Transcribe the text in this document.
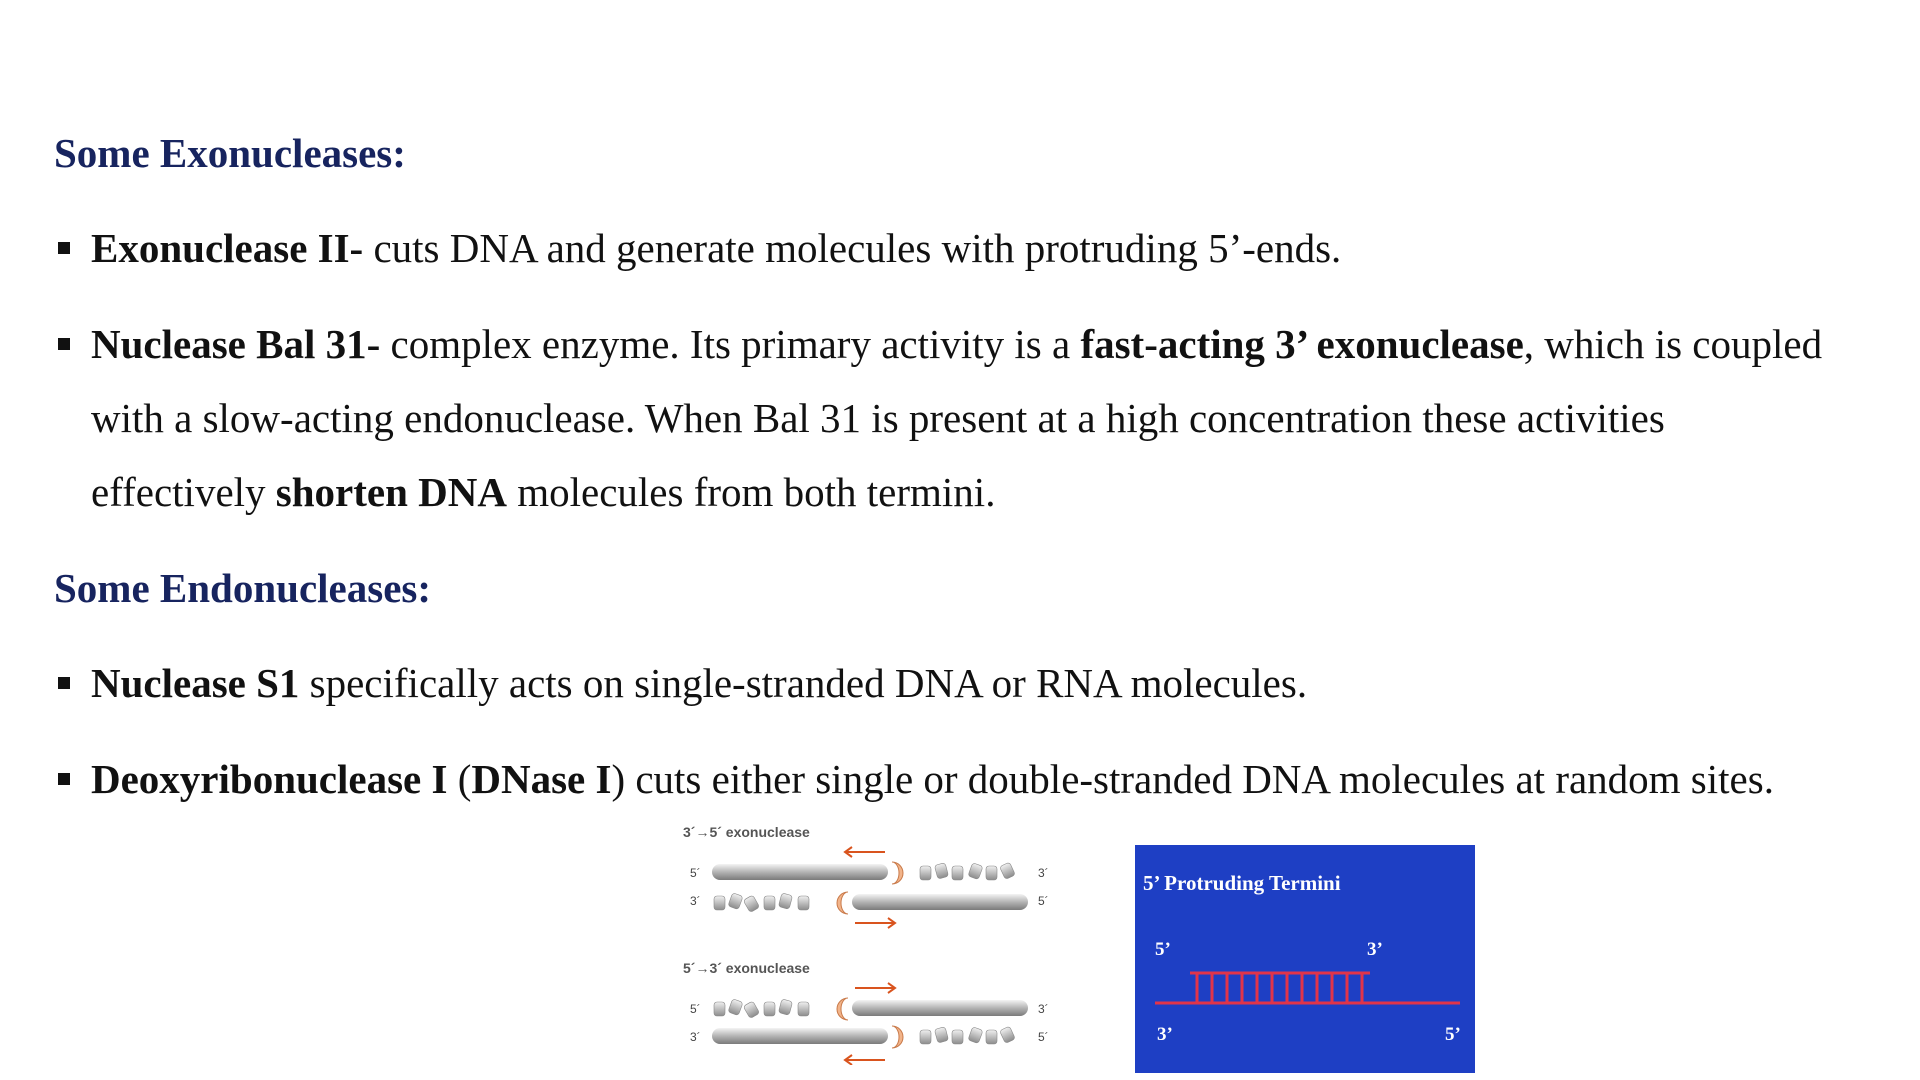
Some Exonucleases:
Exonuclease II- cuts DNA and generate molecules with protruding 5’-ends.
Nuclease Bal 31- complex enzyme. Its primary activity is a fast-acting 3’ exonuclease, which is coupled with a slow-acting endonuclease. When Bal 31 is present at a high concentration these activities effectively shorten DNA molecules from both termini.
Some Endonucleases:
Nuclease S1 specifically acts on single-stranded DNA or RNA molecules.
Deoxyribonuclease I (DNase I) cuts either single or double-stranded DNA molecules at random sites.
3´→5´ exonuclease
5´
3´
3´
5´
5´→3´ exonuclease
5´
3´
3´
5´
5’ Protruding Termini
5’	3’
3’	5’
